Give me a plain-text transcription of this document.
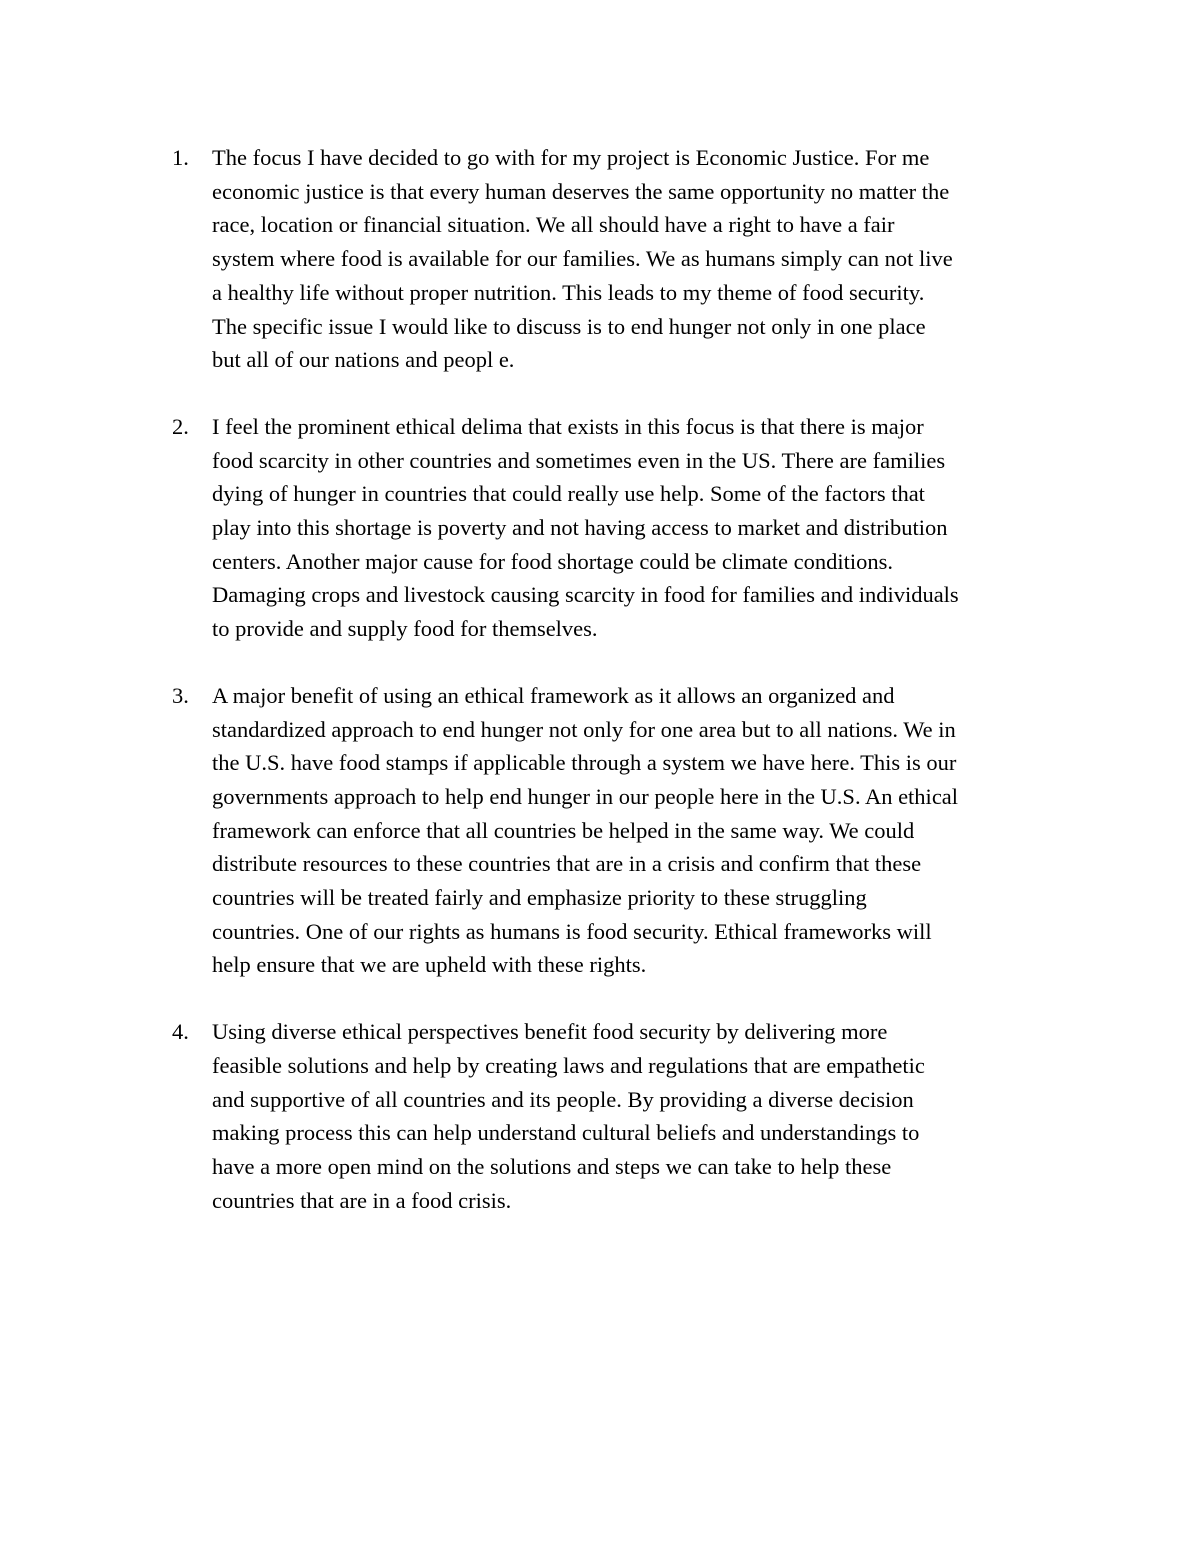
1.	The focus I have decided to go with for my project is Economic Justice. For me
economic justice is that every human deserves the same opportunity no matter the
race, location or financial situation. We all should have a right to have a fair
system where food is available for our families. We as humans simply can not live
a healthy life without proper nutrition. This leads to my theme of food security.
The specific issue I would like to discuss is to end hunger not only in one place
but all of our nations and peopl e.
2.	I feel the prominent ethical delima that exists in this focus is that there is major
food scarcity in other countries and sometimes even in the US. There are families
dying of hunger in countries that could really use help. Some of the factors that
play into this shortage is poverty and not having access to market and distribution
centers. Another major cause for food shortage could be climate conditions.
Damaging crops and livestock causing scarcity in food for families and individuals
to provide and supply food for themselves.
3.	A major benefit of using an ethical framework as it allows an organized and
standardized approach to end hunger not only for one area but to all nations. We in
the U.S. have food stamps if applicable through a system we have here. This is our
governments approach to help end hunger in our people here in the U.S. An ethical
framework can enforce that all countries be helped in the same way. We could
distribute resources to these countries that are in a crisis and confirm that these
countries will be treated fairly and emphasize priority to these struggling
countries. One of our rights as humans is food security. Ethical frameworks will
help ensure that we are upheld with these rights.
4.	Using diverse ethical perspectives benefit food security by delivering more
feasible solutions and help by creating laws and regulations that are empathetic
and supportive of all countries and its people. By providing a diverse decision
making process this can help understand cultural beliefs and understandings to
have a more open mind on the solutions and steps we can take to help these
countries that are in a food crisis.
